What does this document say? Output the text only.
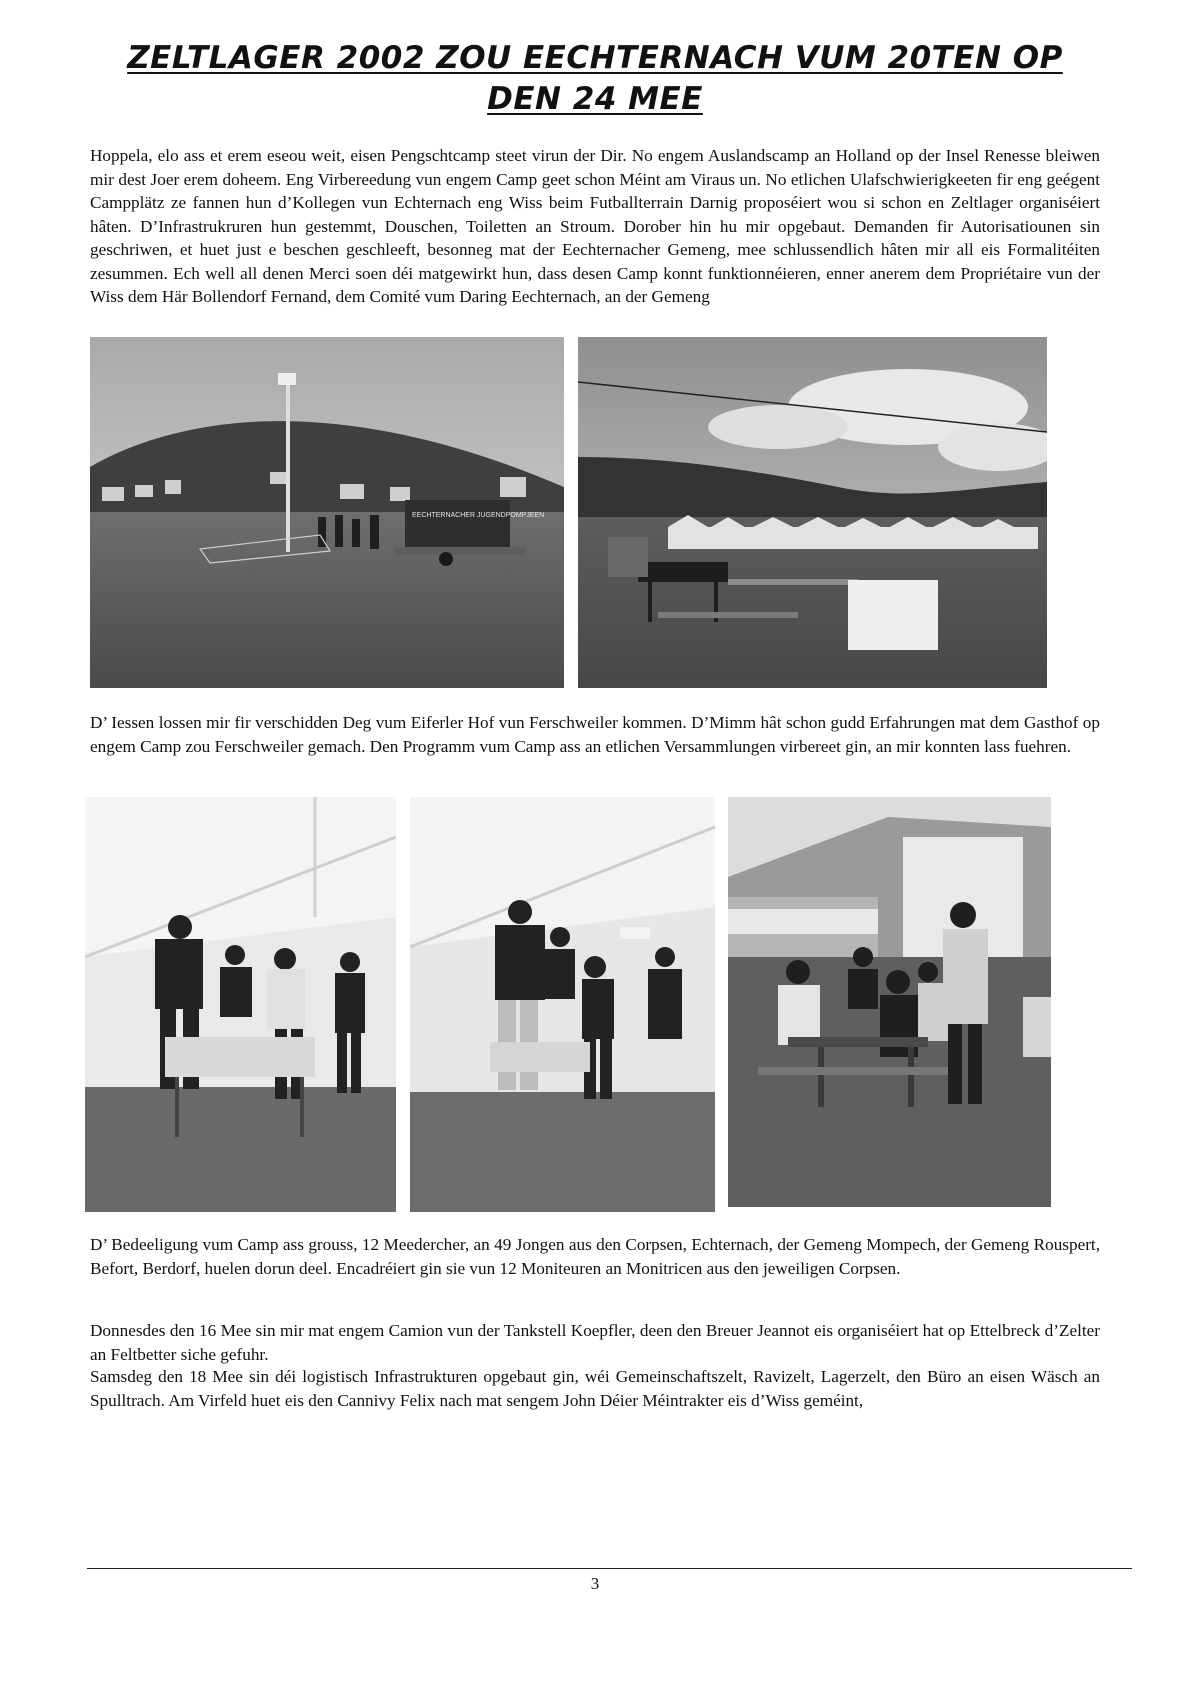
ZELTLAGER 2002 ZOU EECHTERNACH VUM 20TEN OP
DEN 24 MEE

Hoppela, elo ass et erem eseou weit, eisen Pengschtcamp steet virun der Dir. No engem Auslandscamp an Holland op der Insel Renesse bleiwen mir dest Joer erem doheem. Eng Virbereedung vun engem Camp geet schon Méint am Viraus un. No etlichen Ulafschwierigkeeten fir eng geégent Campplätz ze fannen hun d’Kollegen vun Echternach eng Wiss beim Futballterrain Darnig proposéiert wou si schon en Zeltlager organiséiert hâten. D’Infrastrukruren hun gestemmt, Douschen, Toiletten an Stroum. Dorober hin hu mir opgebaut. Demanden fir Autorisatiounen sin geschriwen, et huet just e beschen geschleeft, besonneg mat der Eechternacher Gemeng, mee schlussendlich hâten mir all eis Formalitéiten zesummen. Ech well all denen Merci soen déi matgewirkt hun, dass desen Camp konnt funktionnéieren, enner anerem dem Propriétaire vun der Wiss dem Här Bollendorf Fernand, dem Comité vum Daring Eechternach, an der Gemeng

EECHTERNACHER JUGENDPOMPJEEN

D’ Iessen lossen mir fir verschidden Deg vum Eiferler Hof vun Ferschweiler kommen. D’Mimm hât schon gudd Erfahrungen mat dem Gasthof op engem Camp zou Ferschweiler gemach. Den Programm vum Camp ass an etlichen Versammlungen virbereet gin, an mir konnten lass fuehren.

D’ Bedeeligung vum Camp ass grouss, 12 Meedercher, an 49 Jongen aus den Corpsen, Echternach, der Gemeng Mompech, der Gemeng Rouspert, Befort, Berdorf, huelen dorun deel. Encadréiert gin sie vun 12 Moniteuren an Monitricen aus den jeweiligen Corpsen.

Donnesdes den 16 Mee sin mir mat engem Camion vun der Tankstell Koepfler, deen den Breuer Jeannot eis organiséiert hat op Ettelbreck d’Zelter an Feltbetter siche gefuhr.

Samsdeg den 18 Mee sin déi logistisch Infrastrukturen opgebaut gin, wéi Gemeinschaftszelt, Ravizelt, Lagerzelt, den Büro an eisen Wäsch an Spulltrach. Am Virfeld huet eis den Cannivy Felix nach mat sengem John Déier Méintrakter eis d’Wiss geméint,

3
